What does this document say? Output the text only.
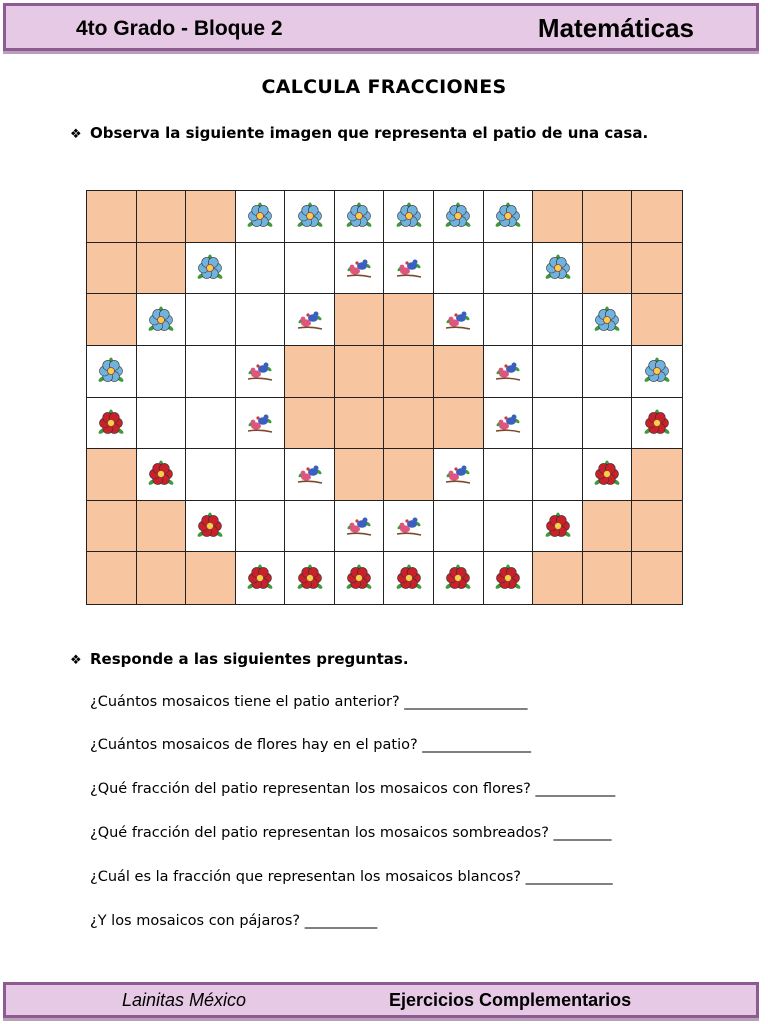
4to Grado - Bloque 2	Matemáticas
CALCULA FRACCIONES
❖ Observa la siguiente imagen que representa el patio de una casa.
❖ Responde a las siguientes preguntas.
¿Cuántos mosaicos tiene el patio anterior? _________________
¿Cuántos mosaicos de flores hay en el patio? _______________
¿Qué fracción del patio representan los mosaicos con flores? ___________
¿Qué fracción del patio representan los mosaicos sombreados? ________
¿Cuál es la fracción que representan los mosaicos blancos? ____________
¿Y los mosaicos con pájaros? __________
Lainitas México	Ejercicios Complementarios
